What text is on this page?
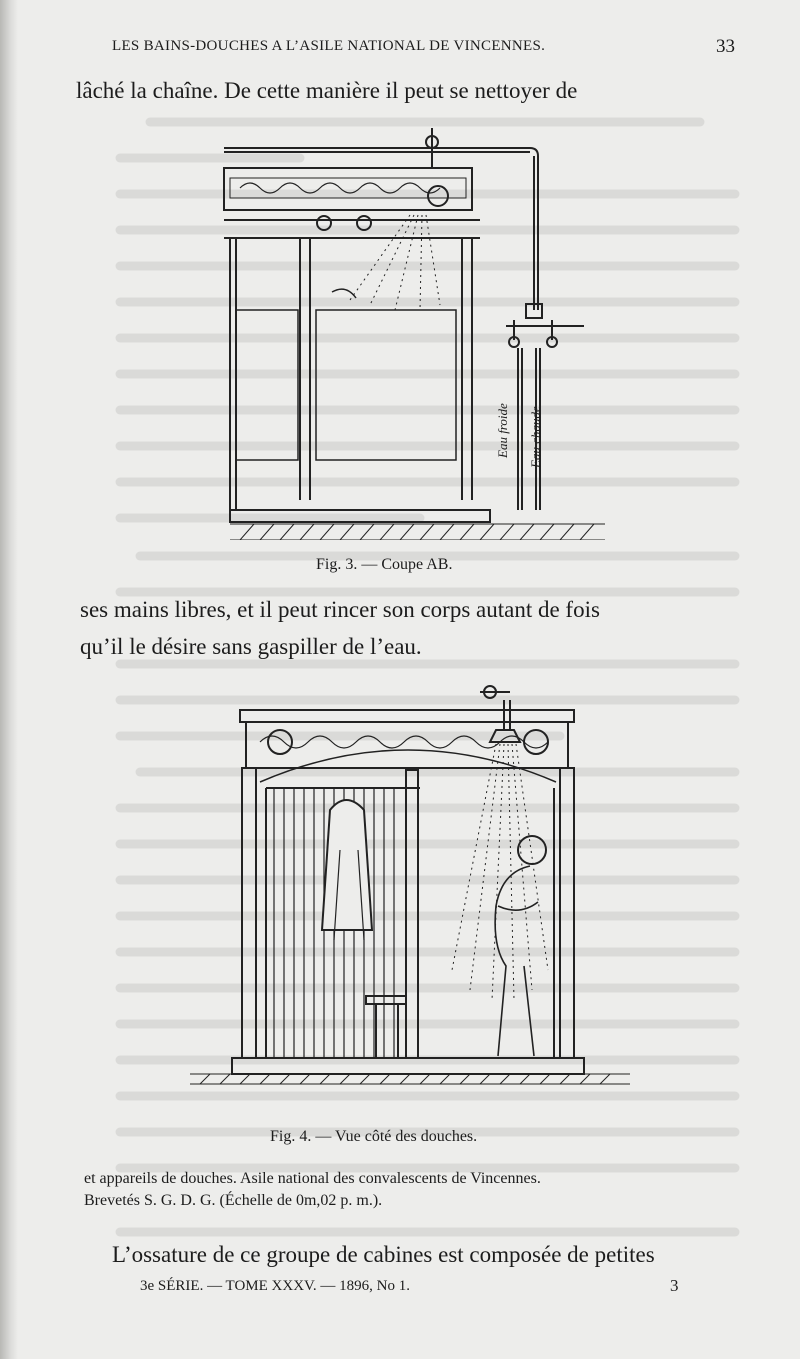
LES BAINS-DOUCHES A L’ASILE NATIONAL DE VINCENNES.	33
lâché la chaîne. De cette manière il peut se nettoyer de
Eau froide Eau chaude
Fig. 3. — Coupe AB.
ses mains libres, et il peut rincer son corps autant de fois
qu’il le désire sans gaspiller de l’eau.
Fig. 4. — Vue côté des douches.
et appareils de douches. Asile national des convalescents de Vincennes.
Brevetés S. G. D. G. (Échelle de 0m,02 p. m.).
L’ossature de ce groupe de cabines est composée de petites
3e SÉRIE. — TOME XXXV. — 1896, No 1.	3
